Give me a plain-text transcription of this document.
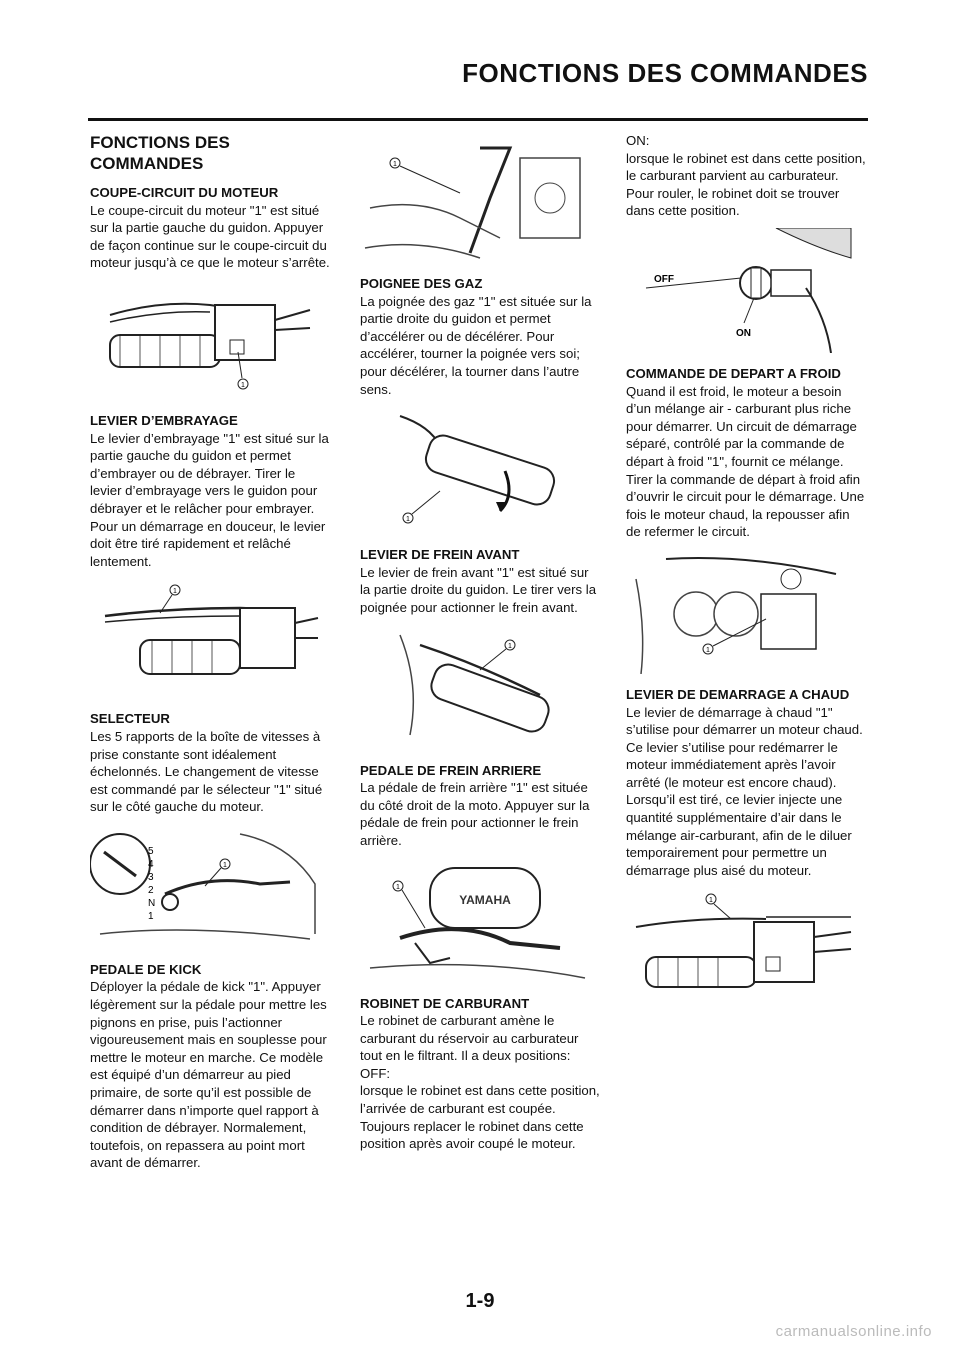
FONCTIONS DES COMMANDES
FONCTIONS DES COMMANDES
COUPE-CIRCUIT DU MOTEUR
Le coupe-circuit du moteur "1" est situé sur la partie gauche du guidon. Appuyer de façon continue sur le coupe-circuit du moteur jusqu’à ce que le moteur s’arrête.
1
LEVIER D’EMBRAYAGE
Le levier d’embrayage "1" est situé sur la partie gauche du guidon et permet d’embrayer ou de débrayer. Tirer le levier d’embrayage vers le guidon pour débrayer et le relâcher pour embrayer. Pour un démarrage en douceur, le levier doit être tiré rapidement et relâché lentement.
1
SELECTEUR
Les 5 rapports de la boîte de vitesses à prise constante sont idéalement échelonnés. Le changement de vitesse est commandé par le sélecteur "1" situé sur le côté gauche du moteur.
5
4
3
2
N
1
1
PEDALE DE KICK
Déployer la pédale de kick "1". Appuyer légèrement sur la pédale pour mettre les pignons en prise, puis l’actionner vigoureusement mais en souplesse pour mettre le moteur en marche. Ce modèle est équipé d’un démarreur au pied primaire, de sorte qu’il est possible de démarrer dans n’importe quel rapport à condition de débrayer. Normalement, toutefois, on repassera au point mort avant de démarrer.
1
POIGNEE DES GAZ
La poignée des gaz "1" est située sur la partie droite du guidon et permet d’accélérer ou de décélérer. Pour accélérer, tourner la poignée vers soi; pour décélérer, la tourner dans l’autre sens.
1
LEVIER DE FREIN AVANT
Le levier de frein avant "1" est situé sur la partie droite du guidon. Le tirer vers la poignée pour actionner le frein avant.
1
PEDALE DE FREIN ARRIERE
La pédale de frein arrière "1" est située du côté droit de la moto. Appuyer sur la pédale de frein pour actionner le frein arrière.
YAMAHA
1
ROBINET DE CARBURANT
Le robinet de carburant amène le carburant du réservoir au carburateur tout en le filtrant. Il a deux positions:
OFF:
lorsque le robinet est dans cette position, l’arrivée de carburant est coupée. Toujours replacer le robinet dans cette position après avoir coupé le moteur.
ON:
lorsque le robinet est dans cette position, le carburant parvient au carburateur. Pour rouler, le robinet doit se trouver dans cette position.
OFF
ON
COMMANDE DE DEPART A FROID
Quand il est froid, le moteur a besoin d’un mélange air - carburant plus riche pour démarrer. Un circuit de démarrage séparé, contrôlé par la commande de départ à froid "1", fournit ce mélange. Tirer la commande de départ à froid afin d’ouvrir le circuit pour le démarrage. Une fois le moteur chaud, la repousser afin de refermer le circuit.
1
LEVIER DE DEMARRAGE A CHAUD
Le levier de démarrage à chaud "1" s’utilise pour démarrer un moteur chaud. Ce levier s’utilise pour redémarrer le moteur immédiatement après l’avoir arrêté (le moteur est encore chaud). Lorsqu’il est tiré, ce levier injecte une quantité supplémentaire d’air dans le mélange air-carburant, afin de le diluer temporairement pour permettre un démarrage plus aisé du moteur.
1
1-9
carmanualsonline.info
